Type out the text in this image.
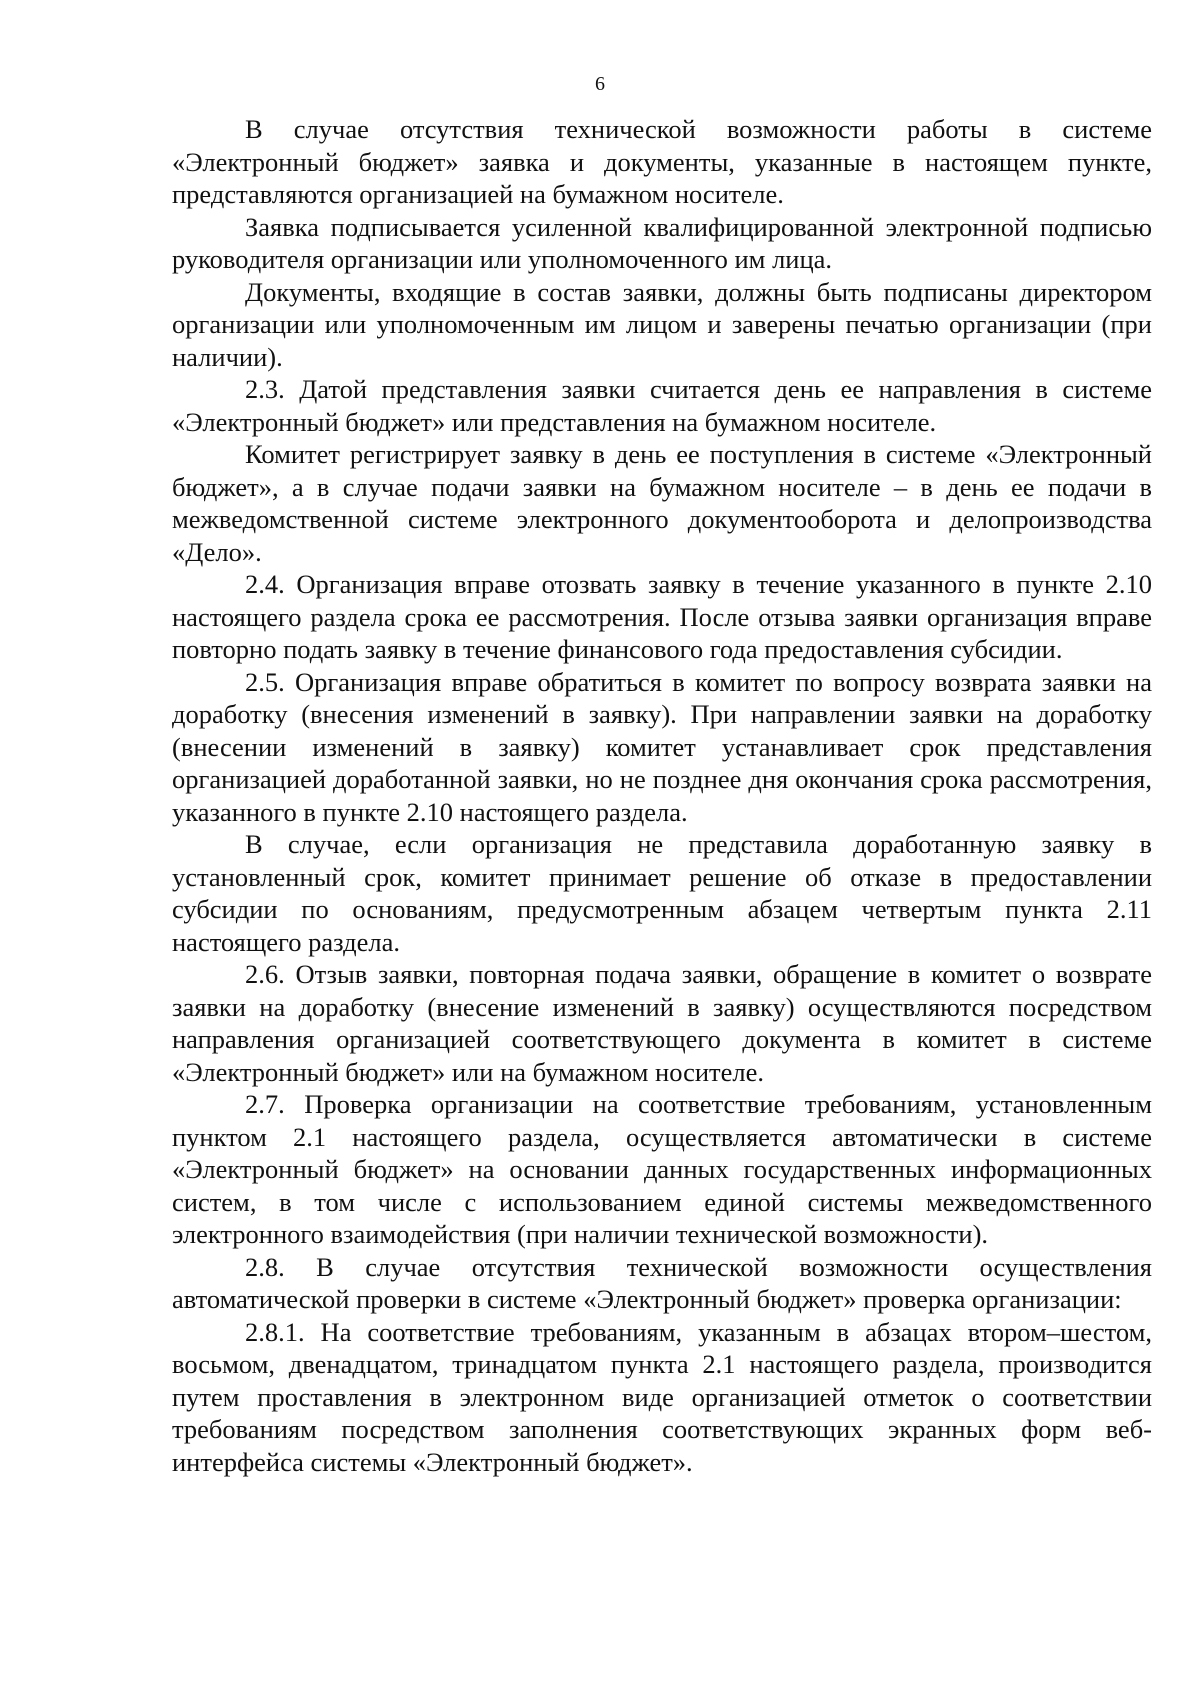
6

В случае отсутствия технической возможности работы в системе «Электронный бюджет» заявка и документы, указанные в настоящем пункте, представляются организацией на бумажном носителе.

Заявка подписывается усиленной квалифицированной электронной подписью руководителя организации или уполномоченного им лица.

Документы, входящие в состав заявки, должны быть подписаны директором организации или уполномоченным им лицом и заверены печатью организации (при наличии).

2.3. Датой представления заявки считается день ее направления в системе «Электронный бюджет» или представления на бумажном носителе.

Комитет регистрирует заявку в день ее поступления в системе «Электронный бюджет», а в случае подачи заявки на бумажном носителе – в день ее подачи в межведомственной системе электронного документооборота и делопроизводства «Дело».

2.4. Организация вправе отозвать заявку в течение указанного в пункте 2.10 настоящего раздела срока ее рассмотрения. После отзыва заявки организация вправе повторно подать заявку в течение финансового года предоставления субсидии.

2.5. Организация вправе обратиться в комитет по вопросу возврата заявки на доработку (внесения изменений в заявку). При направлении заявки на доработку (внесении изменений в заявку) комитет устанавливает срок представления организацией доработанной заявки, но не позднее дня окончания срока рассмотрения, указанного в пункте 2.10 настоящего раздела.

В случае, если организация не представила доработанную заявку в установленный срок, комитет принимает решение об отказе в предоставлении субсидии по основаниям, предусмотренным абзацем четвертым пункта 2.11 настоящего раздела.

2.6. Отзыв заявки, повторная подача заявки, обращение в комитет о возврате заявки на доработку (внесение изменений в заявку) осуществляются посредством направления организацией соответствующего документа в комитет в системе «Электронный бюджет» или на бумажном носителе.

2.7. Проверка организации на соответствие требованиям, установленным пунктом 2.1 настоящего раздела, осуществляется автоматически в системе «Электронный бюджет» на основании данных государственных информационных систем, в том числе с использованием единой системы межведомственного электронного взаимодействия (при наличии технической возможности).

2.8. В случае отсутствия технической возможности осуществления автоматической проверки в системе «Электронный бюджет» проверка организации:

2.8.1. На соответствие требованиям, указанным в абзацах втором–шестом, восьмом, двенадцатом, тринадцатом пункта 2.1 настоящего раздела, производится путем проставления в электронном виде организацией отметок о соответствии требованиям посредством заполнения соответствующих экранных форм веб-интерфейса системы «Электронный бюджет».
